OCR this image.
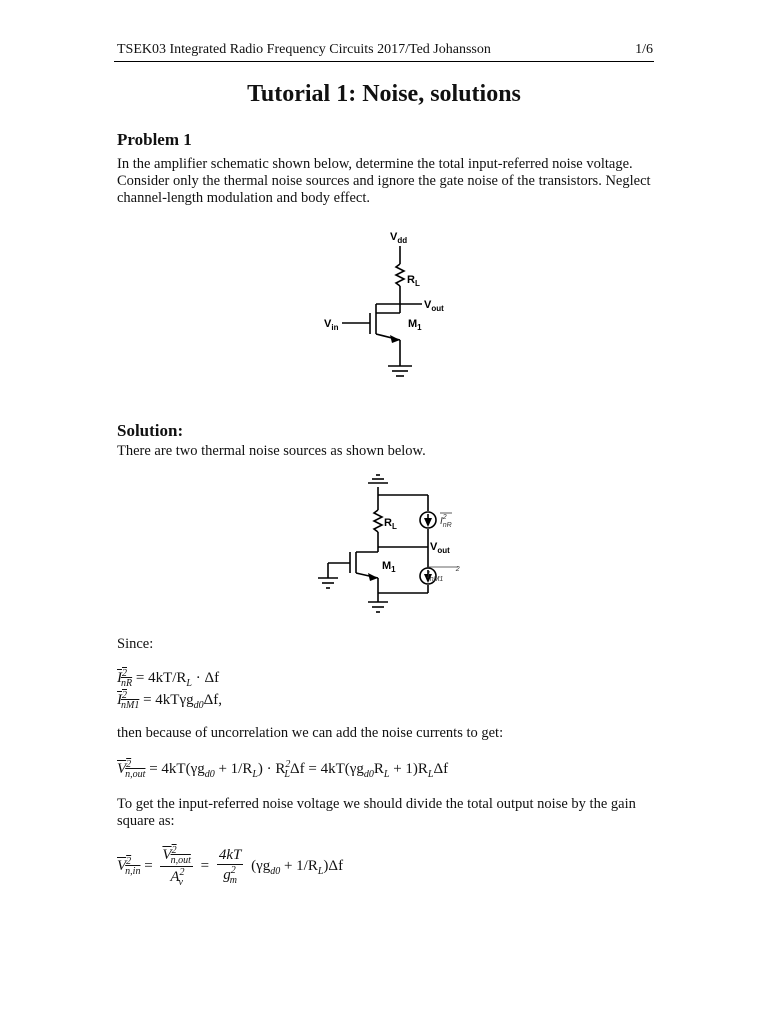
TSEK03 Integrated Radio Frequency Circuits 2017/Ted Johansson	1/6
Tutorial 1: Noise, solutions
Problem 1
In the amplifier schematic shown below, determine the total input-referred noise voltage. Consider only the thermal noise sources and ignore the gate noise of the transistors. Neglect channel-length modulation and body effect.
$V_{dd}$
$R_L$
$V_{out}$
$V_{in}$	$M_1$
Solution:
There are two thermal noise sources as shown below.
$R_L$
$V_{out}$
$M_1$
$I^2$ nR
$I^2$ nM1
Since:
$I^2_{nR} = 4kT/R_L \cdot \Delta f$
$I^2_{nM1} = 4kT\gamma g_{d0}\Delta f$,
then because of uncorrelation we can add the noise currents to get:
$V^2_{n,out} = 4kT(\gamma g_{d0} + 1/R_L) \cdot R^2_L\Delta f = 4kT(\gamma g_{d0}R_L + 1)R_L\Delta f$
To get the input-referred noise voltage we should divide the total output noise by the gain square as:
$V^2_{n,in} = \frac{V^2_{n,out}}{A^2_v} = \frac{4kT}{g^2_m} (\gamma g_{d0} + 1/R_L)\Delta f$
